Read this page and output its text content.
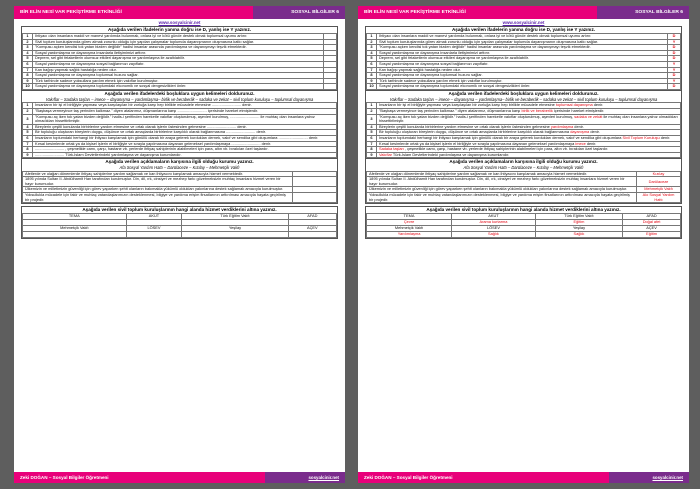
BİR ELİN NESİ VAR PEKİŞTİRME ETKİNLİĞİ	SOSYAL BİLGİLER 6
www.sosyalcinir.net
Aşağıda verilen ifadelerin yanına doğru ise D, yanlış ise Y yazınız.
1	İhtiyacı olan insanlara maddi ve manevi yardımda bulunmak, onlara iyi ve kötü günde destek olmak toplumsal uyumu artırır.	
2	Sivil toplum kuruluşlarında görev almak zorunlu olduğu için yapılan çalışmalar toplumda dayanışmanın oluşmasına katkı sağlar.	
3	"Komşusu açken kendisi tok yatan bizden değildir" hadisi insanlar arasında yardımlaşma ve dayanışmayı teşvik etmektedir.	
4	Sosyal yardımlaşma ve dayanışma insanlarla iletişimimizi arttırır.	
5	Deprem, sel gibi felaketlerin olumsuz etkileri dayanışma ve yardımlaşma ile azaltılabilir.	
6	Sosyal yardımlaşma ve dayanışma sosyal bağlarımızı zayıflatır.	
7	Kan bağışı yapmak sağlık hastalığa neden olur.	
8	Sosyal yardımlaşma ve dayanışma toplumsal huzuru sağlar.	
9	Türk tarihinde sadece yoksullara yardım etmek için vakıflar kurulmuştur.	
10	Sosyal yardımlaşma ve dayanışma toplumdaki ekonomik ve sosyal dengesizlikleri önler.	
Aşağıda verilen ifadelerdeki boşluklara uygun kelimeleri doldurunuz.
Vakıflar – Sadaka taşları – imece – dayanışma – yardımlaşma– birlik ve beraberlik – sadaka ve zekat – sivil toplum kuruluşu – toplumsal dayanışma
1	İnsanların bir işi el birliğiyle yapması veya karşılaşılan bir zorluğa karşı hep birlikte mücadele etmesine ........................... denir.
2	"Başbaşa vermeyince taş yerinden kalkmaz." diyen atalarımız, düşmanlarına karşı ........................... içerisinde hareket etmişlerdir.
3	"Komşusu aç iken tok yatan bizden değildir." hadis-i şerifinden hareketle vakıflar oluşturulmuş, aşevleri kurulmuş, ........................... ile muhtaç olan insanlara yalnız olmadıkları hissettirilmiştir.
4	Bireylerin çeşitli konularda birbirlerine yardım etmesine ve ortak olarak işlerin üstesinden gelmesine ........................... denir.
5	Bir topluluğu oluşturan bireylerin duygu, düşünce ve ortak amaçlarda birbirlerine karşılıklı olarak bağlanmasına ........................... denir.
6	İnsanların toplumdaki herhangi bir ihtiyacı karşılamak için gönüllü olarak bir araya gelerek kurdukları dernek, vakıf ve sendika gibi oluşumlara ........................... denir.
7	Kırsal kesimlerde ortak ya da kişisel işlerin el birliğiyle ve sırayla yapılmasına dayanan geleneksel yardımlaşmaya ........................... denir.
8	........................... , çeşmelikle camı, çarşı, hastane vb. yerlerde ihtiyaç sahiplerinin alabilmeleri için para, altın vb. bırakılan özel taşlardır.
9	........................... Türk-İslam Devletlerindeki yardımlaşma ve dayanışma kurumlarıdır.
Aşağıda verilen açıklamaların karşısına ilgili olduğu kurumu yazınız.
Afa Sosyal Yardım Hattı – Darülaceze – Kızılay – Mehmetçik Vakfı
Afetlerde ve olağan dönemlerde ihtiyaç sahiplerine yardım sağlamak ve kan ihtiyacını karşılamak amacıyla hizmet vermektedir.	
1895 yılında Sultan II. Abdülhamit Han tarafından kurulmuştur. Din, dil, ırk, cinsiyet ve mezhep farkı gözetmeksizin muhtaç insanlara hizmet veren bir hayır kurumudur.	
Ülkemizin ve milletimizin güvenliği için görev yaparken şehit olanların bakımakla yükümlü oldukları yakınlarına destek sağlamak amacıyla kurulmuştur.	
Yoksullukla mücadele için fakir ve muhtaç vatandaşlarımızın desteklenmesi, bilgiye ve yardıma erişim firsatlarının arttırılması amacıyla hayata geçirilmiş bir projedir.	
Aşağıda verilen sivil toplum kuruluşlarının hangi alanda hizmet verdiklerini altına yazınız.
TEMA	AKUT	Türk Eğitim Vakfı	AFAD

Mehmetçik Vakfı	LÖSEV	Yeşilay	AÇEV

Zeki DOĞAN – Sosyal Bilgiler Öğretmeni	sosyalcinir.net
BİR ELİN NESİ VAR PEKİŞTİRME ETKİNLİĞİ	SOSYAL BİLGİLER 6
www.sosyalcinir.net
Aşağıda verilen ifadelerin yanına doğru ise D, yanlış ise Y yazınız.
1	İhtiyacı olan insanlara maddi ve manevi yardımda bulunmak, onlara iyi ve kötü günde destek olmak toplumsal uyumu artırır.	D
2	Sivil toplum kuruluşlarında görev almak zorunlu olduğu için yapılan çalışmalar toplumda dayanışmanın oluşmasına katkı sağlar.	Y
3	"Komşusu açken kendisi tok yatan bizden değildir" hadisi insanlar arasında yardımlaşma ve dayanışmayı teşvik etmektedir.	D
4	Sosyal yardımlaşma ve dayanışma insanlarla iletişimimizi arttırır.	D
5	Deprem, sel gibi felaketlerin olumsuz etkileri dayanışma ve yardımlaşma ile azaltılabilir.	D
6	Sosyal yardımlaşma ve dayanışma sosyal bağlarımızı zayıflatır.	Y
7	Kan bağışı yapmak sağlık hastalığa neden olur.	Y
8	Sosyal yardımlaşma ve dayanışma toplumsal huzuru sağlar.	D
9	Türk tarihinde sadece yoksullara yardım etmek için vakıflar kurulmuştur.	Y
10	Sosyal yardımlaşma ve dayanışma toplumdaki ekonomik ve sosyal dengesizlikleri önler.	D
Aşağıda verilen ifadelerdeki boşluklara uygun kelimeleri doldurunuz.
Vakıflar – Sadaka taşları – imece – dayanışma – yardımlaşma– birlik ve beraberlik – sadaka ve zekat – sivil toplum kuruluşu – toplumsal dayanışma
1	İnsanların bir işi el birliğiyle yapması veya karşılaşılan bir zorluğa karşı hep birlikte mücadele etmesine toplumsal dayanışma denir.
2	"Başbaşa vermeyince taş yerinden kalkmaz." diyen atalarımız, düşmanlarına karşı birlik ve beraberlik içerisinde hareket etmişlerdir.
3	"Komşusu aç iken tok yatan bizden değildir." hadis-i şerifinden hareketle vakıflar oluşturulmuş, aşevleri kurulmuş, sadaka ve zekât ile muhtaç olan insanlara yalnız olmadıkları hissettirilmiştir.
4	Bireylerin çeşitli konularda birbirlerine yardım etmesine ve ortak olarak işlerin üstesinden gelmesine yardımlaşma denir.
5	Bir topluluğu oluşturan bireylerin duygu, düşünce ve ortak amaçlarda birbirlerine karşılıklı olarak bağlanmasına dayanışma denir.
6	İnsanların toplumdaki herhangi bir ihtiyacı karşılamak için gönüllü olarak bir araya gelerek kurdukları dernek, vakıf ve sendika gibi oluşumlara Sivil Toplum Kuruluşu denir.
7	Kırsal kesimlerde ortak ya da kişisel işlerin el birliğiyle ve sırayla yapılmasına dayanan geleneksel yardımlaşmaya imece denir.
8	Sadaka taşları , çeşmelikle camı, çarşı, hastane vb. yerlerde ihtiyaç sahiplerinin alabilmeleri için para, altın vb. bırakılan özel taşlardır.
9	Vakıflar Türk-İslam Devletlerindeki yardımlaşma ve dayanışma kurumlarıdır.
Aşağıda verilen açıklamaların karşısına ilgili olduğu kurumu yazınız.
Afa Sosyal Yardım Hattı – Darülaceze – Kızılay – Mehmetçik Vakfı
Afetlerde ve olağan dönemlerde ihtiyaç sahiplerine yardım sağlamak ve kan ihtiyacını karşılamak amacıyla hizmet vermektedir.	Kızılay
1895 yılında Sultan II. Abdülhamit Han tarafından kurulmuştur. Din, dil, ırk, cinsiyet ve mezhep farkı gözetmeksizin muhtaç insanlara hizmet veren bir hayır kurumudur.	Darülaceze
Ülkemizin ve milletimizin güvenliği için görev yaparken şehit olanların bakımakla yükümlü oldukları yakınlarına destek sağlamak amacıyla kurulmuştur.	Mehmetçik Vakfı
Yoksullukla mücadele için fakir ve muhtaç vatandaşlarımızın desteklenmesi, bilgiye ve yardıma erişim firsatlarının arttırılması amacıyla hayata geçirilmiş bir projedir.	Alo Sosyal Yardım Hattı
Aşağıda verilen sivil toplum kuruluşlarının hangi alanda hizmet verdiklerini altına yazınız.
TEMA	AKUT	Türk Eğitim Vakfı	AFAD
Çevre	Arama kurtarma	Eğitim	Doğal afet
Mehmetçik Vakfı	LÖSEV	Yeşilay	AÇEV
Yardımlaşma	Sağlık	Sağlık	Eğitim
Zeki DOĞAN – Sosyal Bilgiler Öğretmeni	sosyalcinir.net
